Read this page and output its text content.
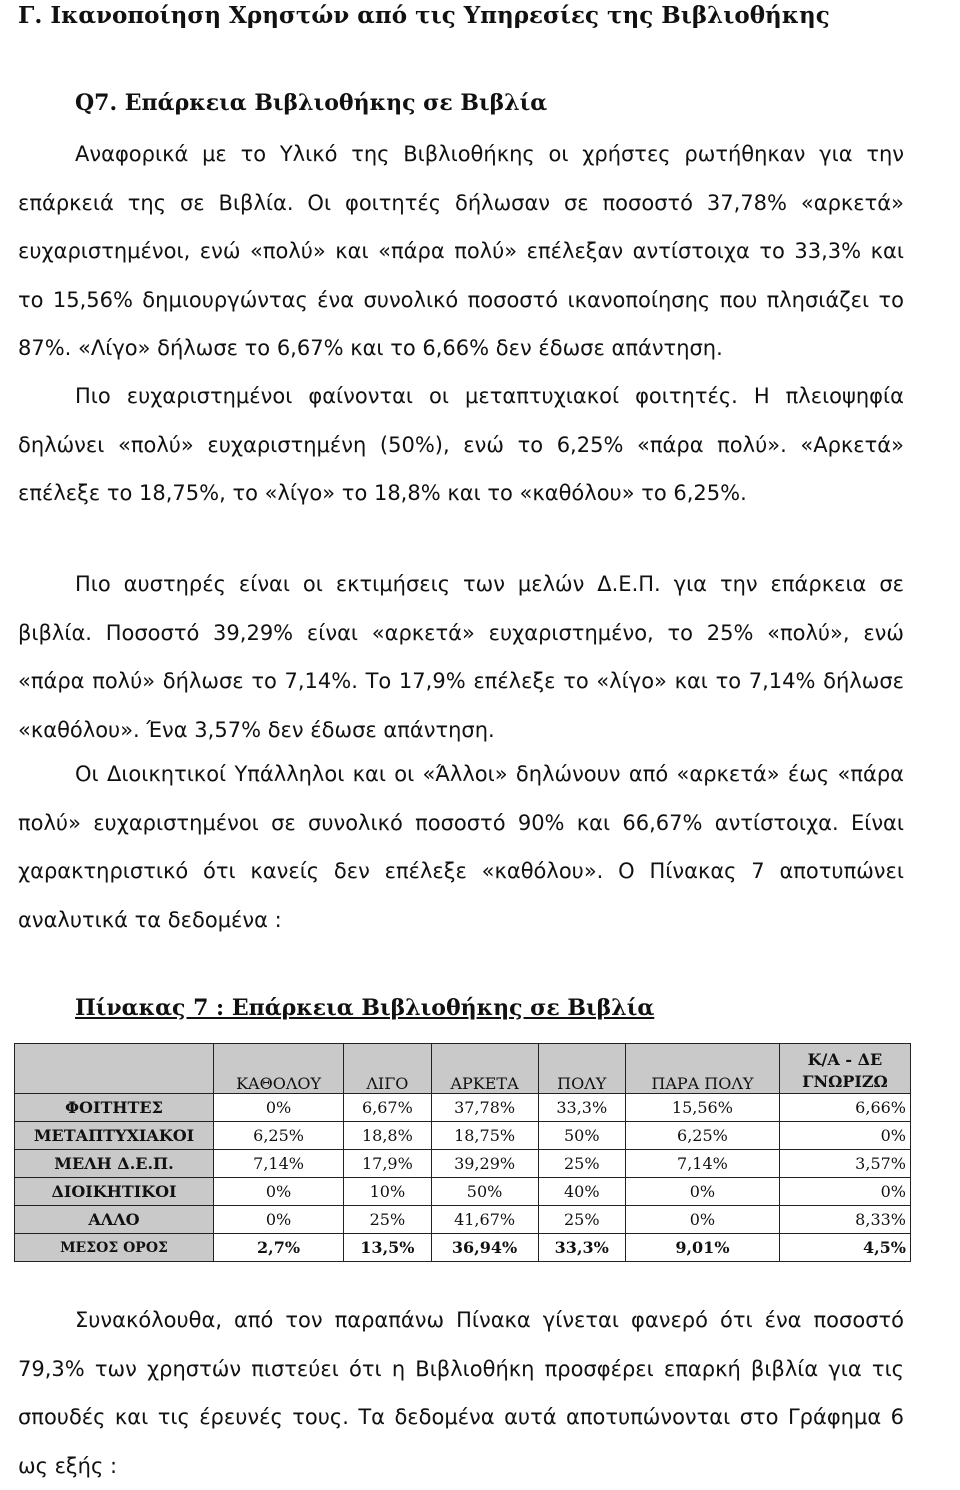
Γ. Ικανοποίηση Χρηστών από τις Υπηρεσίες της Βιβλιοθήκης
Q7. Επάρκεια Βιβλιοθήκης σε Βιβλία
Αναφορικά με το Υλικό της Βιβλιοθήκης οι χρήστες ρωτήθηκαν για την επάρκειά της σε Βιβλία. Οι φοιτητές δήλωσαν σε ποσοστό 37,78% «αρκετά» ευχαριστημένοι, ενώ «πολύ» και «πάρα πολύ» επέλεξαν αντίστοιχα το 33,3% και το 15,56% δημιουργώντας ένα συνολικό ποσοστό ικανοποίησης που πλησιάζει το 87%. «Λίγο» δήλωσε το 6,67% και το 6,66% δεν έδωσε απάντηση.
Πιο ευχαριστημένοι φαίνονται οι μεταπτυχιακοί φοιτητές. Η πλειοψηφία δηλώνει «πολύ» ευχαριστημένη (50%), ενώ το 6,25% «πάρα πολύ». «Αρκετά» επέλεξε το 18,75%, το «λίγο» το 18,8% και το «καθόλου» το 6,25%.
Πιο αυστηρές είναι οι εκτιμήσεις των μελών Δ.Ε.Π. για την επάρκεια σε βιβλία. Ποσοστό 39,29% είναι «αρκετά» ευχαριστημένο, το 25% «πολύ», ενώ «πάρα πολύ» δήλωσε το 7,14%. Το 17,9% επέλεξε το «λίγο» και το 7,14% δήλωσε «καθόλου». Ένα 3,57% δεν έδωσε απάντηση.
Οι Διοικητικοί Υπάλληλοι και οι «Άλλοι» δηλώνουν από «αρκετά» έως «πάρα πολύ» ευχαριστημένοι σε συνολικό ποσοστό 90% και 66,67% αντίστοιχα. Είναι χαρακτηριστικό ότι κανείς δεν επέλεξε «καθόλου». Ο Πίνακας 7 αποτυπώνει αναλυτικά τα δεδομένα :
Πίνακας 7 : Επάρκεια Βιβλιοθήκης σε Βιβλία
	ΚΑΘΟΛΟΥ	ΛΙΓΟ	ΑΡΚΕΤΑ	ΠΟΛΥ	ΠΑΡΑ ΠΟΛΥ	Κ/Α - ΔΕ
ΓΝΩΡΙΖΩ
ΦΟΙΤΗΤΕΣ	0%	6,67%	37,78%	33,3%	15,56%	6,66%
ΜΕΤΑΠΤΥΧΙΑΚΟΙ	6,25%	18,8%	18,75%	50%	6,25%	0%
ΜΕΛΗ Δ.Ε.Π.	7,14%	17,9%	39,29%	25%	7,14%	3,57%
ΔΙΟΙΚΗΤΙΚΟΙ	0%	10%	50%	40%	0%	0%
ΑΛΛΟ	0%	25%	41,67%	25%	0%	8,33%
ΜΕΣΟΣ ΟΡΟΣ	2,7%	13,5%	36,94%	33,3%	9,01%	4,5%
Συνακόλουθα, από τον παραπάνω Πίνακα γίνεται φανερό ότι ένα ποσοστό 79,3% των χρηστών πιστεύει ότι η Βιβλιοθήκη προσφέρει επαρκή βιβλία για τις σπουδές και τις έρευνές τους. Τα δεδομένα αυτά αποτυπώνονται στο Γράφημα 6 ως εξής :
